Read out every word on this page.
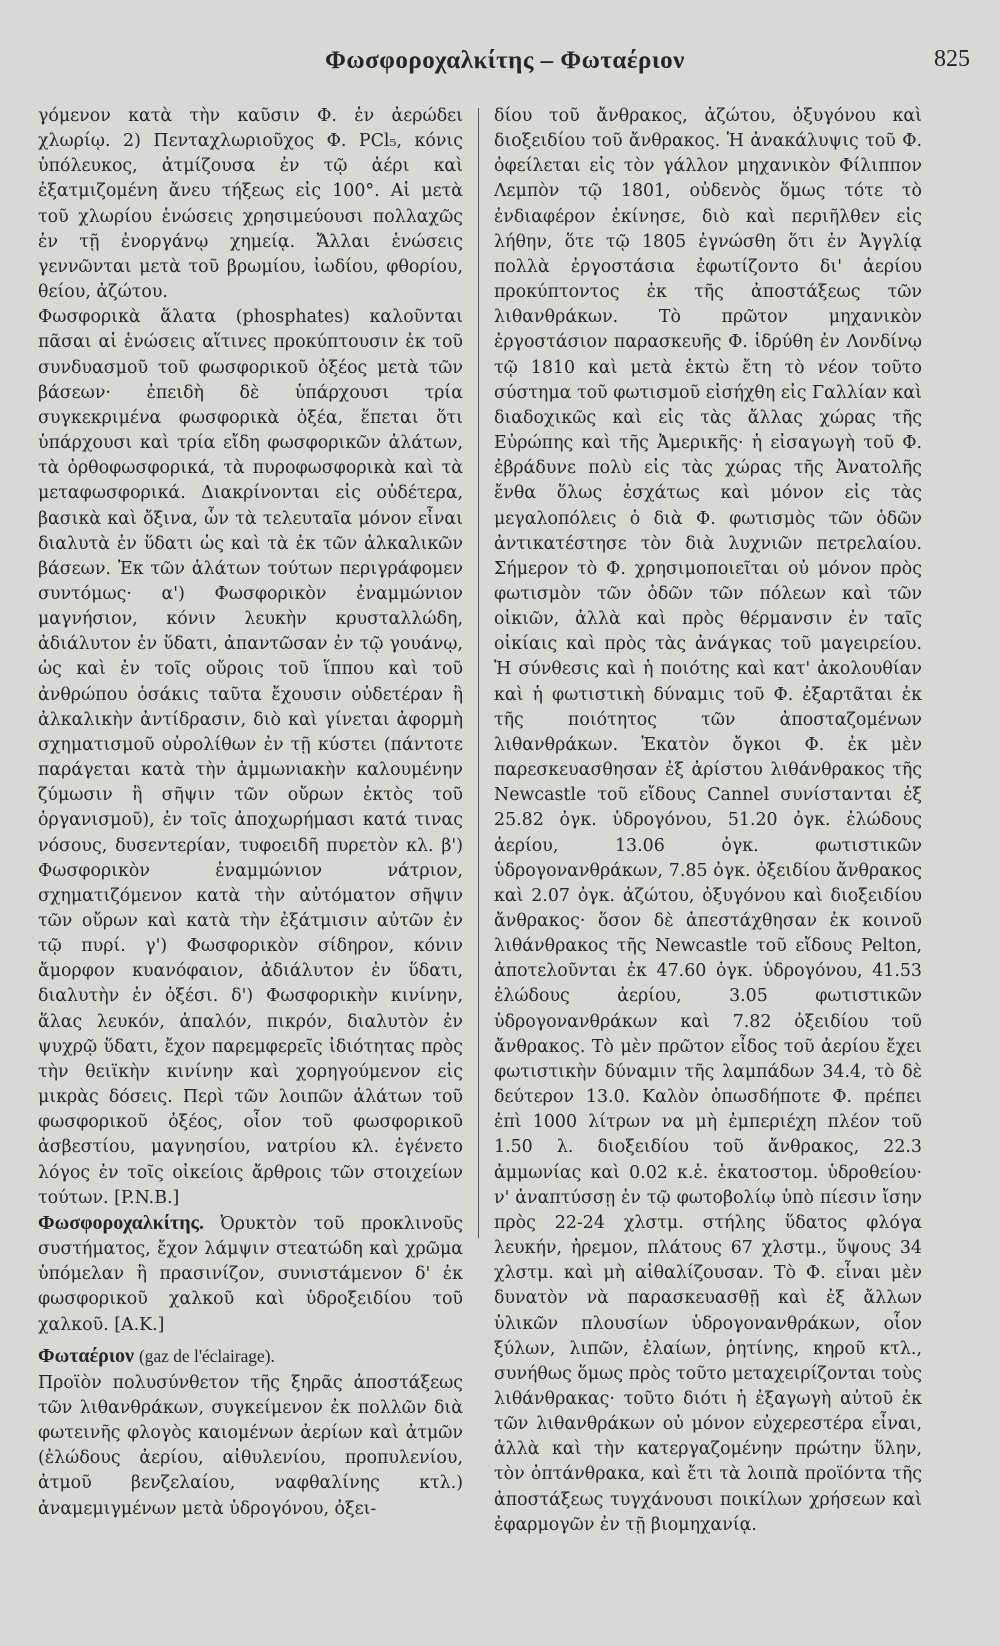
Φωσφοροχαλκίτης – Φωταέριον	825

γόμενον κατὰ τὴν καῦσιν Φ. ἐν ἀερώδει χλωρίῳ. 2) Πενταχλωριοῦχος Φ. PCl₅, κόνις ὑπόλευκος, ἀτμίζουσα ἐν τῷ ἀέρι καὶ ἐξατμιζομένη ἄνευ τήξεως εἰς 100°. Αἱ μετὰ τοῦ χλωρίου ἑνώσεις χρησιμεύουσι πολλαχῶς ἐν τῇ ἐνοργάνῳ χημείᾳ. Ἄλλαι ἑνώσεις γεννῶνται μετὰ τοῦ βρωμίου, ἰωδίου, φθορίου, θείου, ἀζώτου.

Φωσφορικὰ ἅλατα (phosphates) καλοῦνται πᾶσαι αἱ ἑνώσεις αἵτινες προκύπτουσιν ἐκ τοῦ συνδυασμοῦ τοῦ φωσφορικοῦ ὀξέος μετὰ τῶν βάσεων· ἐπειδὴ δὲ ὑπάρχουσι τρία συγκεκριμένα φωσφορικὰ ὀξέα, ἕπεται ὅτι ὑπάρχουσι καὶ τρία εἴδη φωσφορικῶν ἁλάτων, τὰ ὀρθοφωσφορικά, τὰ πυροφωσφορικὰ καὶ τὰ μεταφωσφορικά. Διακρίνονται εἰς οὐδέτερα, βασικὰ καὶ ὄξινα, ὧν τὰ τελευταῖα μόνον εἶναι διαλυτὰ ἐν ὕδατι ὡς καὶ τὰ ἐκ τῶν ἀλκαλικῶν βάσεων. Ἐκ τῶν ἁλάτων τούτων περιγράφομεν συντόμως· α') Φωσφορικὸν ἐναμμώνιον μαγνήσιον, κόνιν λευκὴν κρυσταλλώδη, ἀδιάλυτον ἐν ὕδατι, ἀπαντῶσαν ἐν τῷ γουάνῳ, ὡς καὶ ἐν τοῖς οὔροις τοῦ ἵππου καὶ τοῦ ἀνθρώπου ὁσάκις ταῦτα ἔχουσιν οὐδετέραν ἢ ἀλκαλικὴν ἀντίδρασιν, διὸ καὶ γίνεται ἀφορμὴ σχηματισμοῦ οὐρολίθων ἐν τῇ κύστει (πάντοτε παράγεται κατὰ τὴν ἀμμωνιακὴν καλουμένην ζύμωσιν ἢ σῆψιν τῶν οὔρων ἐκτὸς τοῦ ὀργανισμοῦ), ἐν τοῖς ἀποχωρήμασι κατά τινας νόσους, δυσεντερίαν, τυφοειδῆ πυρετὸν κλ. β') Φωσφορικὸν ἐναμμώνιον νάτριον, σχηματιζόμενον κατὰ τὴν αὐτόματον σῆψιν τῶν οὔρων καὶ κατὰ τὴν ἐξάτμισιν αὐτῶν ἐν τῷ πυρί. γ') Φωσφορικὸν σίδηρον, κόνιν ἄμορφον κυανόφαιον, ἀδιάλυτον ἐν ὕδατι, διαλυτὴν ἐν ὀξέσι. δ') Φωσφορικὴν κινίνην, ἅλας λευκόν, ἁπαλόν, πικρόν, διαλυτὸν ἐν ψυχρῷ ὕδατι, ἔχον παρεμφερεῖς ἰδιότητας πρὸς τὴν θειϊκὴν κινίνην καὶ χορηγούμενον εἰς μικρὰς δόσεις. Περὶ τῶν λοιπῶν ἁλάτων τοῦ φωσφορικοῦ ὀξέος, οἷον τοῦ φωσφορικοῦ ἀσβεστίου, μαγνησίου, νατρίου κλ. ἐγένετο λόγος ἐν τοῖς οἰκείοις ἄρθροις τῶν στοιχείων τούτων. [P.N.B.]

Φωσφοροχαλκίτης. Ὀρυκτὸν τοῦ προκλινοῦς συστήματος, ἔχον λάμψιν στεατώδη καὶ χρῶμα ὑπόμελαν ἢ πρασινίζον, συνιστάμενον δ' ἐκ φωσφορικοῦ χαλκοῦ καὶ ὑδροξειδίου τοῦ χαλκοῦ. [Α.Κ.]

Φωταέριον (gaz de l'éclairage).

Προϊὸν πολυσύνθετον τῆς ξηρᾶς ἀποστάξεως τῶν λιθανθράκων, συγκείμενον ἐκ πολλῶν διὰ φωτεινῆς φλογὸς καιομένων ἀερίων καὶ ἀτμῶν (ἐλώδους ἀερίου, αἰθυλενίου, προπυλενίου, ἀτμοῦ βενζελαίου, ναφθαλίνης κτλ.) ἀναμεμιγμένων μετὰ ὑδρογόνου, ὀξει-

δίου τοῦ ἄνθρακος, ἀζώτου, ὀξυγόνου καὶ διοξειδίου τοῦ ἄνθρακος. Ἡ ἀνακάλυψις τοῦ Φ. ὀφείλεται εἰς τὸν γάλλον μηχανικὸν Φίλιππον Λεμπὸν τῷ 1801, οὐδενὸς ὅμως τότε τὸ ἐνδιαφέρον ἐκίνησε, διὸ καὶ περιῆλθεν εἰς λήθην, ὅτε τῷ 1805 ἐγνώσθη ὅτι ἐν Ἀγγλίᾳ πολλὰ ἐργοστάσια ἐφωτίζοντο δι' ἀερίου προκύπτοντος ἐκ τῆς ἀποστάξεως τῶν λιθανθράκων. Τὸ πρῶτον μηχανικὸν ἐργοστάσιον παρασκευῆς Φ. ἱδρύθη ἐν Λονδίνῳ τῷ 1810 καὶ μετὰ ἑκτὼ ἔτη τὸ νέον τοῦτο σύστημα τοῦ φωτισμοῦ εἰσήχθη εἰς Γαλλίαν καὶ διαδοχικῶς καὶ εἰς τὰς ἄλλας χώρας τῆς Εὐρώπης καὶ τῆς Ἀμερικῆς· ἡ εἰσαγωγὴ τοῦ Φ. ἐβράδυνε πολὺ εἰς τὰς χώρας τῆς Ἀνατολῆς ἔνθα ὅλως ἐσχάτως καὶ μόνον εἰς τὰς μεγαλοπόλεις ὁ διὰ Φ. φωτισμὸς τῶν ὁδῶν ἀντικατέστησε τὸν διὰ λυχνιῶν πετρελαίου. Σήμερον τὸ Φ. χρησιμοποιεῖται οὐ μόνον πρὸς φωτισμὸν τῶν ὁδῶν τῶν πόλεων καὶ τῶν οἰκιῶν, ἀλλὰ καὶ πρὸς θέρμανσιν ἐν ταῖς οἰκίαις καὶ πρὸς τὰς ἀνάγκας τοῦ μαγειρείου. Ἡ σύνθεσις καὶ ἡ ποιότης καὶ κατ' ἀκολουθίαν καὶ ἡ φωτιστικὴ δύναμις τοῦ Φ. ἐξαρτᾶται ἐκ τῆς ποιότητος τῶν ἀποσταζομένων λιθανθράκων. Ἑκατὸν ὄγκοι Φ. ἐκ μὲν παρεσκευασθησαν ἐξ ἀρίστου λιθάνθρακος τῆς Newcastle τοῦ εἴδους Cannel συνίστανται ἐξ 25.82 ὀγκ. ὑδρογόνου, 51.20 ὀγκ. ἐλώδους ἀερίου, 13.06 ὀγκ. φωτιστικῶν ὑδρογονανθράκων, 7.85 ὀγκ. ὀξειδίου ἄνθρακος καὶ 2.07 ὀγκ. ἀζώτου, ὀξυγόνου καὶ διοξειδίου ἄνθρακος· ὅσον δὲ ἀπεστάχθησαν ἐκ κοινοῦ λιθάνθρακος τῆς Newcastle τοῦ εἴδους Pelton, ἀποτελοῦνται ἐκ 47.60 ὀγκ. ὑδρογόνου, 41.53 ἐλώδους ἀερίου, 3.05 φωτιστικῶν ὑδρογονανθράκων καὶ 7.82 ὀξειδίου τοῦ ἄνθρακος. Τὸ μὲν πρῶτον εἶδος τοῦ ἀερίου ἔχει φωτιστικὴν δύναμιν τῆς λαμπάδων 34.4, τὸ δὲ δεύτερον 13.0. Καλὸν ὁπωσδήποτε Φ. πρέπει ἐπὶ 1000 λίτρων να μὴ ἐμπεριέχη πλέον τοῦ 1.50 λ. διοξειδίου τοῦ ἄνθρακος, 22.3 ἀμμωνίας καὶ 0.02 κ.ἑ. ἑκατοστομ. ὑδροθείου· ν' ἀναπτύσσῃ ἐν τῷ φωτοβολίῳ ὑπὸ πίεσιν ἴσην πρὸς 22-24 χλστμ. στήλης ὕδατος φλόγα λευκήν, ἠρεμον, πλάτους 67 χλστμ., ὕψους 34 χλστμ. καὶ μὴ αἰθαλίζουσαν. Τὸ Φ. εἶναι μὲν δυνατὸν νὰ παρασκευασθῇ καὶ ἐξ ἄλλων ὑλικῶν πλουσίων ὑδρογονανθράκων, οἷον ξύλων, λιπῶν, ἐλαίων, ῥητίνης, κηροῦ κτλ., συνήθως ὅμως πρὸς τοῦτο μεταχειρίζονται τοὺς λιθάνθρακας· τοῦτο διότι ἡ ἐξαγωγὴ αὐτοῦ ἐκ τῶν λιθανθράκων οὐ μόνον εὐχερεστέρα εἶναι, ἀλλὰ καὶ τὴν κατεργαζομένην πρώτην ὕλην, τὸν ὀπτάνθρακα, καὶ ἔτι τὰ λοιπὰ προϊόντα τῆς ἀποστάξεως τυγχάνουσι ποικίλων χρήσεων καὶ ἐφαρμογῶν ἐν τῇ βιομηχανίᾳ.
